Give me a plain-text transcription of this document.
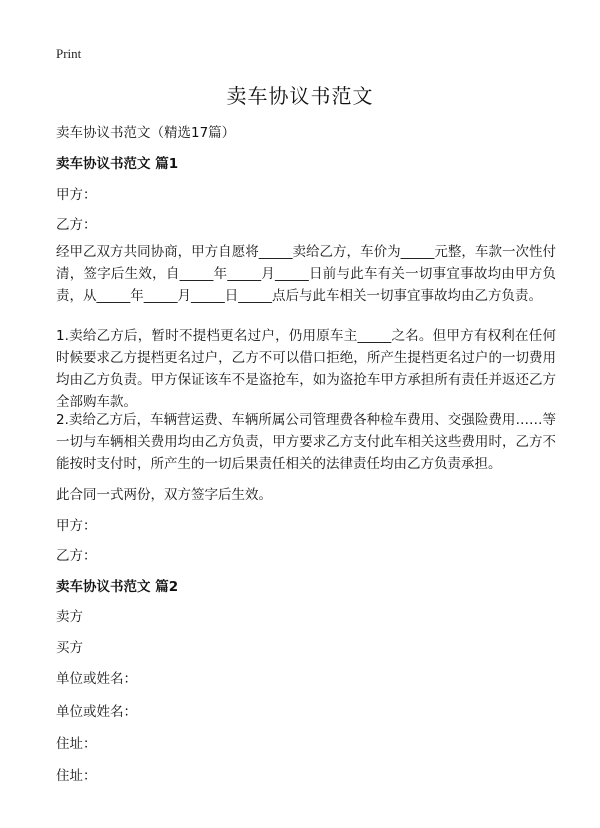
Print
卖车协议书范文
卖车协议书范文（精选17篇）
卖车协议书范文 篇1
甲方：
乙方：
经甲乙双方共同协商，甲方自愿将_____卖给乙方，车价为_____元整，车款一次性付清，签字后生效，自_____年_____月_____日前与此车有关一切事宜事故均由甲方负责，从_____年_____月_____日_____点后与此车相关一切事宜事故均由乙方负责。
1.卖给乙方后，暂时不提档更名过户，仍用原车主_____之名。但甲方有权利在任何时候要求乙方提档更名过户，乙方不可以借口拒绝，所产生提档更名过户的一切费用均由乙方负责。甲方保证该车不是盗抢车，如为盗抢车甲方承担所有责任并返还乙方全部购车款。
2.卖给乙方后，车辆营运费、车辆所属公司管理费各种检车费用、交强险费用……等一切与车辆相关费用均由乙方负责，甲方要求乙方支付此车相关这些费用时，乙方不能按时支付时，所产生的一切后果责任相关的法律责任均由乙方负责承担。
此合同一式两份，双方签字后生效。
甲方：
乙方：
卖车协议书范文 篇2
卖方
买方
单位或姓名：
单位或姓名：
住址：
住址：
